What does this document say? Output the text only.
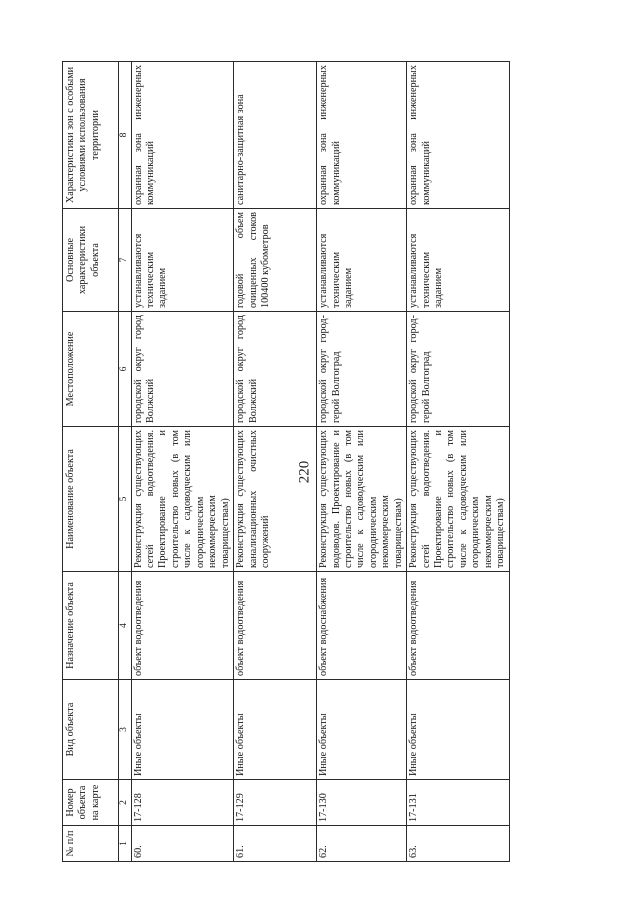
220
№ п/п	Номер объекта на карте	Вид объекта	Назначение объекта	Наименование объекта	Местоположение	Основные характеристики объекта	Характеристики зон с особыми условиями использования территории
1	2	3	4	5	6	7	8
60.	17-128	Иные объекты	объект водоотведения	Реконструкция существующих сетей водоотведения. Проектирование и строительство новых (в том числе к садоводческим или огородническим некоммерческим товариществам)	городской округ город Волжский	устанавливаются техническим заданием	охранная зона инженерных коммуникаций
61.	17-129	Иные объекты	объект водоотведения	Реконструкция существующих канализационных очистных сооружений	городской округ город Волжский	годовой объем очищенных стоков 100400 кубометров	санитарно-защитная зона
62.	17-130	Иные объекты	объект водоснабжения	Реконструкция существующих водоводов. Проектирование и строительство новых (в том числе к садоводческим или огородническим некоммерческим товариществам)	городской округ город-герой Волгоград	устанавливаются техническим заданием	охранная зона инженерных коммуникаций
63.	17-131	Иные объекты	объект водоотведения	Реконструкция существующих сетей водоотведения. Проектирование и строительство новых (в том числе к садоводческим или огородническим некоммерческим товариществам)	городской округ город-герой Волгоград	устанавливаются техническим заданием	охранная зона инженерных коммуникаций
